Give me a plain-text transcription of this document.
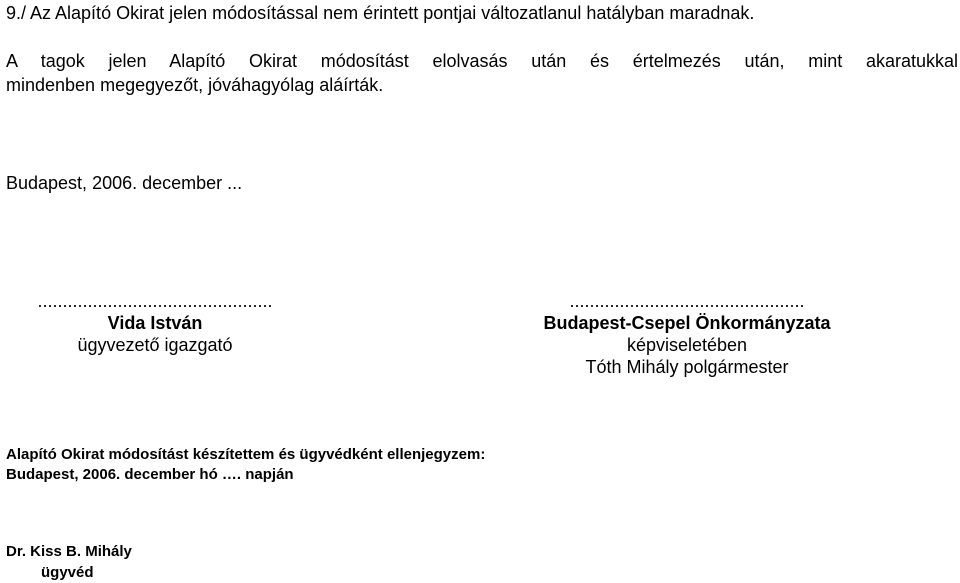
9./ Az Alapító Okirat jelen módosítással nem érintett pontjai változatlanul hatályban maradnak.
A tagok jelen Alapító Okirat módosítást elolvasás után és értelmezés után, mint akaratukkal
mindenben megegyezőt, jóváhagyólag aláírták.
Budapest, 2006. december ...
...............................................
Vida István
ügyvezető igazgató
...............................................
Budapest-Csepel Önkormányzata
képviseletében
Tóth Mihály polgármester
Alapító Okirat módosítást készítettem és ügyvédként ellenjegyzem:
Budapest, 2006. december hó …. napján
Dr. Kiss B. Mihály
ügyvéd
